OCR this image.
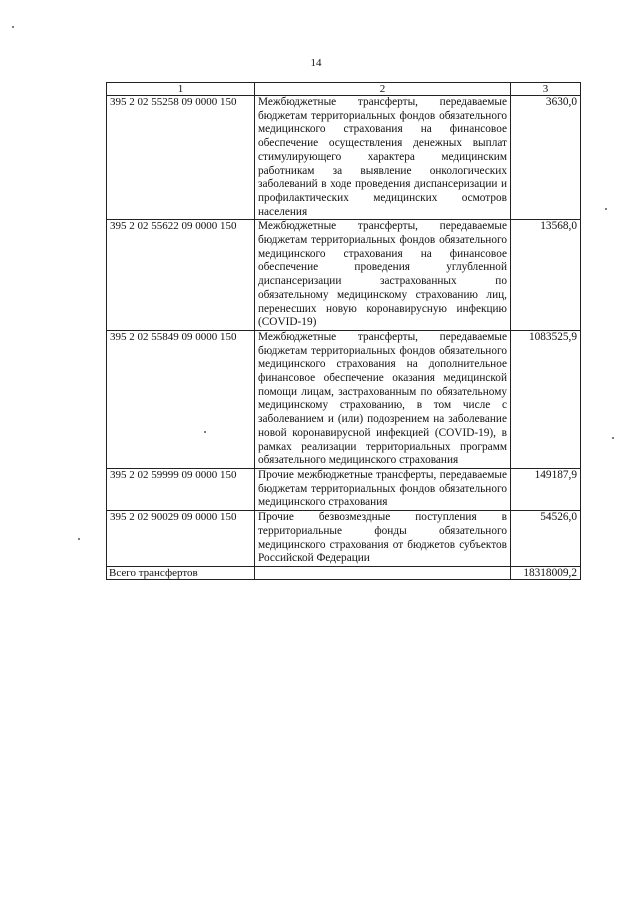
14
1	2	3
395 2 02 55258 09 0000 150	Межбюджетные трансферты, передаваемые бюджетам территориальных фондов обязательного медицинского страхования на финансовое обеспечение осуществления денежных выплат стимулирующего характера медицинским работникам за выявление онкологических заболеваний в ходе проведения диспансеризации и профилактических медицинских осмотров населения	3630,0
395 2 02 55622 09 0000 150	Межбюджетные трансферты, передаваемые бюджетам территориальных фондов обязательного медицинского страхования на финансовое обеспечение проведения углубленной диспансеризации застрахованных по обязательному медицинскому страхованию лиц, перенесших новую коронавирусную инфекцию (COVID-19)	13568,0
395 2 02 55849 09 0000 150	Межбюджетные трансферты, передаваемые бюджетам территориальных фондов обязательного медицинского страхования на дополнительное финансовое обеспечение оказания медицинской помощи лицам, застрахованным по обязательному медицинскому страхованию, в том числе с заболеванием и (или) подозрением на заболевание новой коронавирусной инфекцией (COVID-19), в рамках реализации территориальных программ обязательного медицинского страхования	1083525,9
395 2 02 59999 09 0000 150	Прочие межбюджетные трансферты, передаваемые бюджетам территориальных фондов обязательного медицинского страхования	149187,9
395 2 02 90029 09 0000 150	Прочие безвозмездные поступления в территориальные фонды обязательного медицинского страхования от бюджетов субъектов Российской Федерации	54526,0
Всего трансфертов		18318009,2
